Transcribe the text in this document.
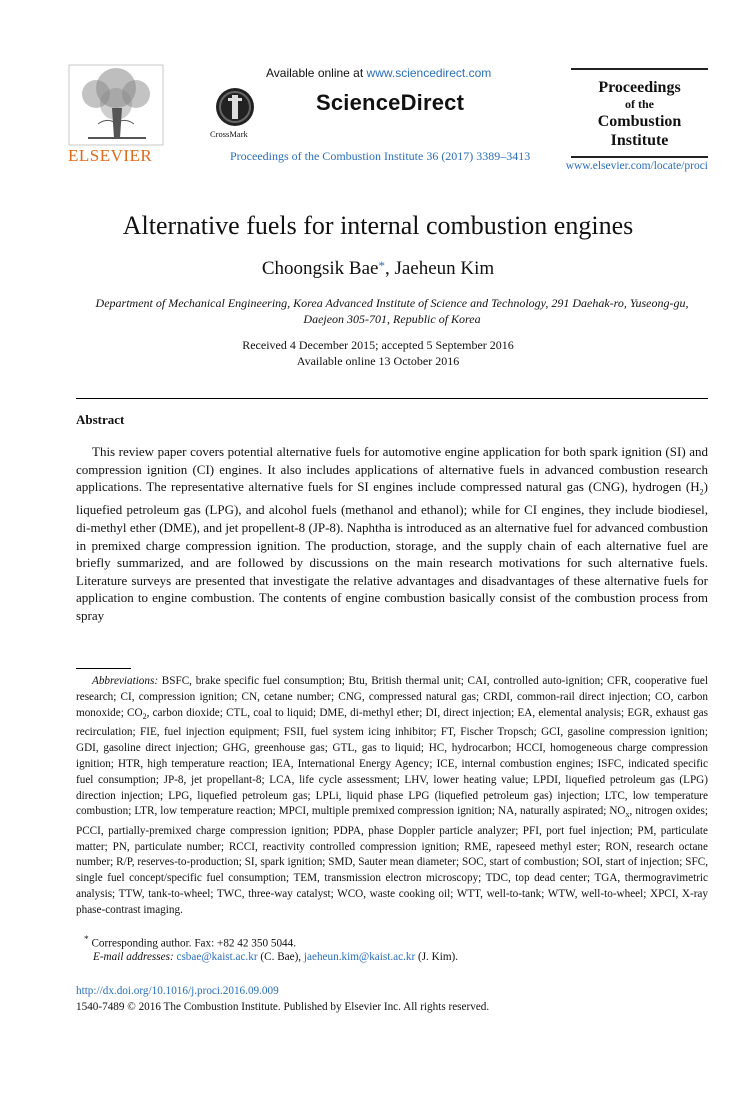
ELSEVIER
Available online at www.sciencedirect.com
CrossMark
ScienceDirect
Proceedings of the Combustion Institute 36 (2017) 3389–3413
Proceedings
of the
Combustion
Institute
www.elsevier.com/locate/proci
Alternative fuels for internal combustion engines
Choongsik Bae*, Jaeheun Kim
Department of Mechanical Engineering, Korea Advanced Institute of Science and Technology, 291 Daehak-ro, Yuseong-gu,
Daejeon 305-701, Republic of Korea
Received 4 December 2015; accepted 5 September 2016
Available online 13 October 2016
Abstract
This review paper covers potential alternative fuels for automotive engine application for both spark ignition (SI) and compression ignition (CI) engines. It also includes applications of alternative fuels in advanced combustion research applications. The representative alternative fuels for SI engines include compressed natural gas (CNG), hydrogen $(H_2)$ liquefied petroleum gas (LPG), and alcohol fuels (methanol and ethanol); while for CI engines, they include biodiesel, di-methyl ether (DME), and jet propellent-8 (JP-8). Naphtha is introduced as an alternative fuel for advanced combustion in premixed charge compression ignition. The production, storage, and the supply chain of each alternative fuel are briefly summarized, and are followed by discussions on the main research motivations for such alternative fuels. Literature surveys are presented that investigate the relative advantages and disadvantages of these alternative fuels for application to engine combustion. The contents of engine combustion basically consist of the combustion process from spray
Abbreviations: BSFC, brake specific fuel consumption; Btu, British thermal unit; CAI, controlled auto-ignition; CFR, cooperative fuel research; CI, compression ignition; CN, cetane number; CNG, compressed natural gas; CRDI, common-rail direct injection; CO, carbon monoxide; $CO_2$, carbon dioxide; CTL, coal to liquid; DME, di-methyl ether; DI, direct injection; EA, elemental analysis; EGR, exhaust gas recirculation; FIE, fuel injection equipment; FSII, fuel system icing inhibitor; FT, Fischer Tropsch; GCI, gasoline compression ignition; GDI, gasoline direct injection; GHG, greenhouse gas; GTL, gas to liquid; HC, hydrocarbon; HCCI, homogeneous charge compression ignition; HTR, high temperature reaction; IEA, International Energy Agency; ICE, internal combustion engines; ISFC, indicated specific fuel consumption; JP-8, jet propellant-8; LCA, life cycle assessment; LHV, lower heating value; LPDI, liquefied petroleum gas (LPG) direction injection; LPG, liquefied petroleum gas; LPLi, liquid phase LPG (liquefied petroleum gas) injection; LTC, low temperature combustion; LTR, low temperature reaction; MPCI, multiple premixed compression ignition; NA, naturally aspirated; $NO_x$, nitrogen oxides; PCCI, partially-premixed charge compression ignition; PDPA, phase Doppler particle analyzer; PFI, port fuel injection; PM, particulate matter; PN, particulate number; RCCI, reactivity controlled compression ignition; RME, rapeseed methyl ester; RON, research octane number; R/P, reserves-to-production; SI, spark ignition; SMD, Sauter mean diameter; SOC, start of combustion; SOI, start of injection; SFC, single fuel concept/specific fuel consumption; TEM, transmission electron microscopy; TDC, top dead center; TGA, thermogravimetric analysis; TTW, tank-to-wheel; TWC, three-way catalyst; WCO, waste cooking oil; WTT, well-to-tank; WTW, well-to-wheel; XPCI, X-ray phase-contrast imaging.
* Corresponding author. Fax: +82 42 350 5044.
E-mail addresses: csbae@kaist.ac.kr (C. Bae), jaeheun.kim@kaist.ac.kr (J. Kim).
http://dx.doi.org/10.1016/j.proci.2016.09.009
1540-7489 © 2016 The Combustion Institute. Published by Elsevier Inc. All rights reserved.
